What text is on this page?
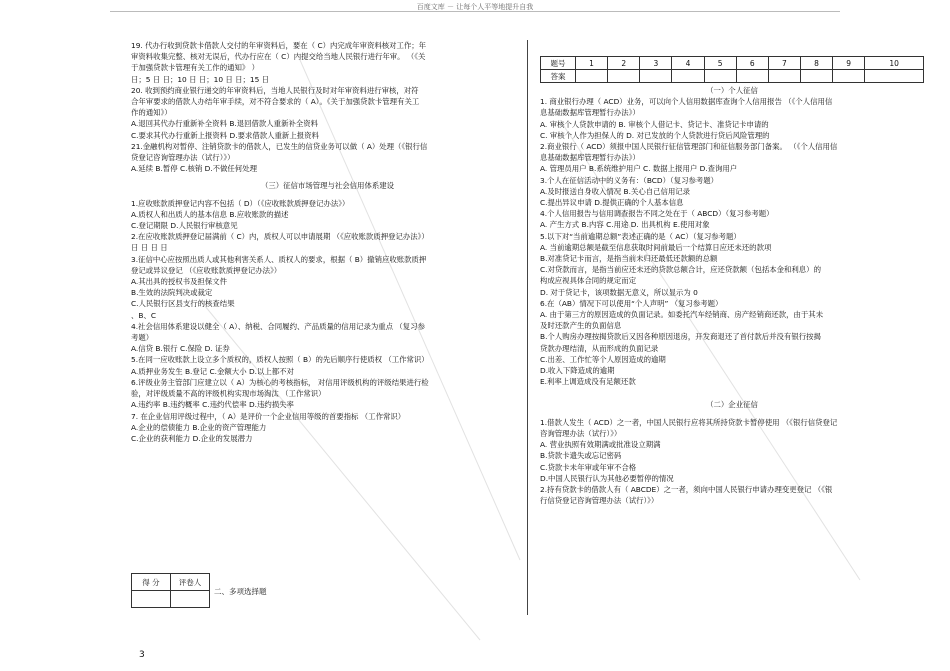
百度文库 － 让每个人平等地提升自我

19. 代办行收到贷款卡借款人交付的年审资料后，要在（ C）内完成年审资料核对工作；年

审资料收集完整、核对无误后，代办行应在（ C）内提交给当地人民银行进行年审。 （《关

于加强贷款卡管理有关工作的通知》 ）

日；5 日 日；10 日 日；10 日 日；15 日

20. 收到预约商业银行递交的年审资料后，当地人民银行及时对年审资料进行审核，对符

合年审要求的借款人办结年审手续，对不符合要求的（ A）。《关于加强贷款卡管理有关工

作的通知》）

A.退回其代办行重新补全资料 B.退回借款人重新补全资料

C.要求其代办行重新上报资料 D.要求借款人重新上报资料

21.金融机构对暂停、注销贷款卡的借款人，已发生的信贷业务可以做（ A）处理（《银行信

贷登记咨询管理办法（试行）》）

A.延续 B.暂停 C.核销 D.不做任何处理

（三）征信市场管理与社会信用体系建设

1.应收账款质押登记内容不包括（ D）（《应收账款质押登记办法》）

A.质权人和出质人的基本信息 B.应收账款的描述

C.登记期限 D.人民银行审核意见

2.在应收账款质押登记届满前（ C）内，质权人可以申请展期 （《应收账款质押登记办法》）

日 日 日 日

3.征信中心应按照出质人或其他利害关系人、质权人的要求，根据（ B）撤销应收账款质押

登记或异议登记 （《应收账款质押登记办法》）

A.其出具的授权书及担保文件

B.生效的法院判决或裁定

C.人民银行区县支行的核查结果

、B、C

4.社会信用体系建设以健全（ A）、纳税、合同履约、产品质量的信用记录为重点 （复习参

考题）

A.信贷 B.银行 C.保险 D. 证券

5.在同一应收账款上设立多个质权的，质权人按照（ B）的先后顺序行使质权 （工作常识）

A.质押业务发生 B.登记 C.金额大小 D.以上都不对

6.评级业务主管部门应建立以（ A）为核心的考核指标， 对信用评级机构的评级结果进行检

验，对评级质量不高的评级机构实现市场淘汰 （工作常识）

A.违约率 B.违约概率 C.违约代偿率 D.违约损失率

7. 在企业信用评级过程中，（ A）是评价一个企业信用等级的首要指标 （工作常识）

A.企业的偿债能力 B.企业的资产管理能力

C.企业的获利能力 D.企业的发展潜力

题号	1	2	3	4	5	6	7	8	9	10
答案										

（一）个人征信

1. 商业银行办理（ ACD）业务，可以向个人信用数据库查询个人信用报告 （《个人信用信

息基础数据库管理暂行办法》）

A. 审核个人贷款申请的 B. 审核个人借记卡、贷记卡、准贷记卡申请的

C. 审核个人作为担保人的 D. 对已发放的个人贷款进行贷后风险管理的

2.商业银行（ ACD）须报中国人民银行征信管理部门和征信服务部门备案。 （《个人信用信

息基础数据库管理暂行办法》）

A. 管理员用户 B.系统维护用户 C. 数据上报用户 D.查询用户

3.个人在征信活动中的义务有：（BCD）（复习参考题）

A.及时报送自身收入情况 B.关心自己信用记录

C.提出异议申请 D.提供正确的个人基本信息

4.个人信用报告与信用调查报告不同之处在于（ ABCD）（复习参考题）

A. 产生方式 B.内容 C.用途 D. 出具机构 E.使用对象

5.以下对“当前逾期总额”表述正确的是（ AC）（复习参考题）

A. 当前逾期总额是截至信息获取时间前最后一个结算日应还未还的款项

B.对准贷记卡而言，是指当前未归还最低还款额的总额

C.对贷款而言，是指当前应还未还的贷款总额合计，应还贷款额（包括本金和利息）的

构成应视具体合同的规定而定

D. 对于贷记卡，该项数据无意义，所以显示为 0

6.在（AB）情况下可以使用“个人声明” （复习参考题）

A. 由于第三方的原因造成的负面记录。如委托汽车经销商、房产经销商还款，由于其未

及时还款产生的负面信息

B.个人购房办理按揭贷款后又因各种原因退房，开发商退还了首付款后并没有银行按揭

贷款办理结清，从而形成的负面记录

C.出差、工作忙等个人原因造成的逾期

D.收入下降造成的逾期

E.利率上调造成没有足额还款

（二）企业征信

1.借款人发生（ ACD）之一者，中国人民银行应将其所持贷款卡暂停使用 （《银行信贷登记

咨询管理办法（试行）》）

A. 营业执照有效期满或批准设立期满

B.贷款卡遗失或忘记密码

C.贷款卡未年审或年审不合格

D.中国人民银行认为其他必要暂停的情况

2.持有贷款卡的借款人有（ ABCDE）之一者，须向中国人民银行申请办理变更登记 （《银

行信贷登记咨询管理办法（试行）》）

得 分	评卷人

二、多项选择题
3
